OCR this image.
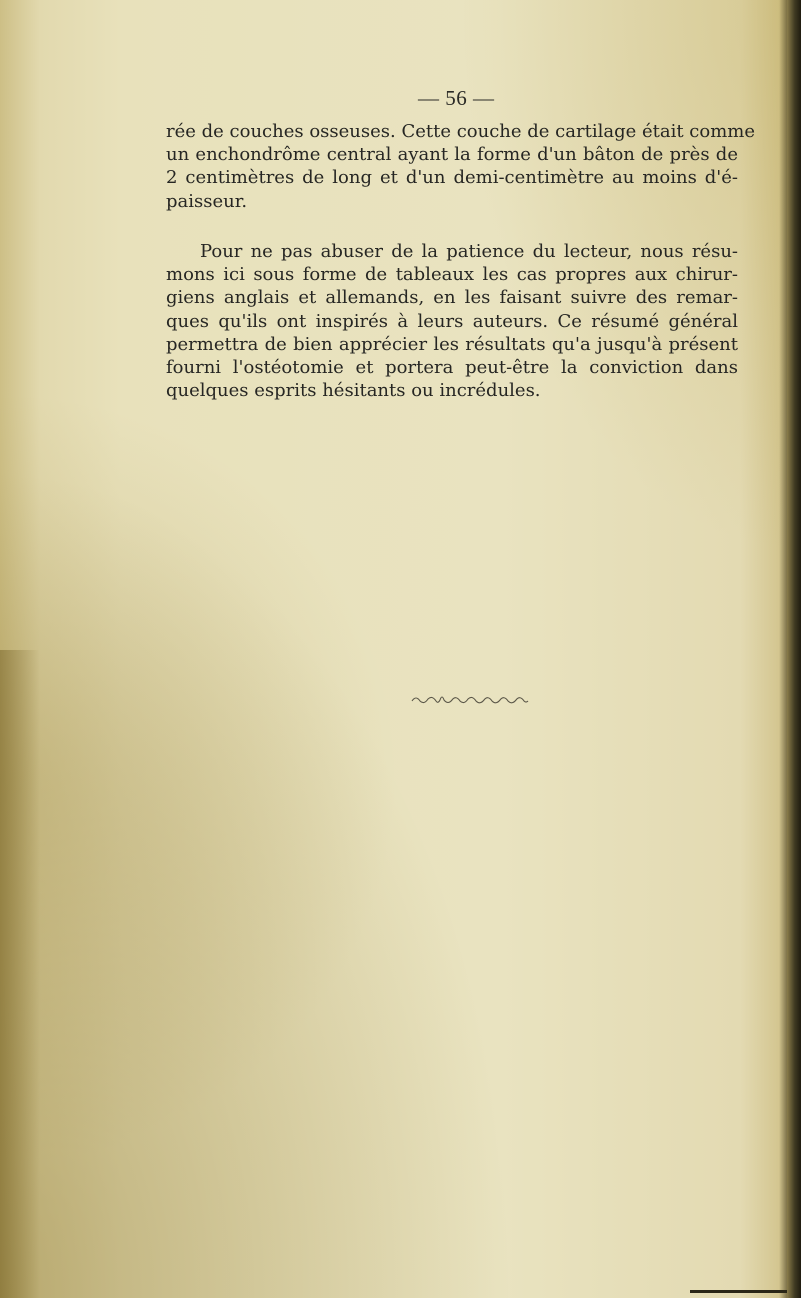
— 56 —
rée de couches osseuses. Cette couche de cartilage était comme
un enchondrôme central ayant la forme d'un bâton de près de
2 centimètres de long et d'un demi-centimètre au moins d'é-
paisseur.
Pour ne pas abuser de la patience du lecteur, nous résu-
mons ici sous forme de tableaux les cas propres aux chirur-
giens anglais et allemands, en les faisant suivre des remar-
ques qu'ils ont inspirés à leurs auteurs. Ce résumé général
permettra de bien apprécier les résultats qu'a jusqu'à présent
fourni l'ostéotomie et portera peut-être la conviction dans
quelques esprits hésitants ou incrédules.
